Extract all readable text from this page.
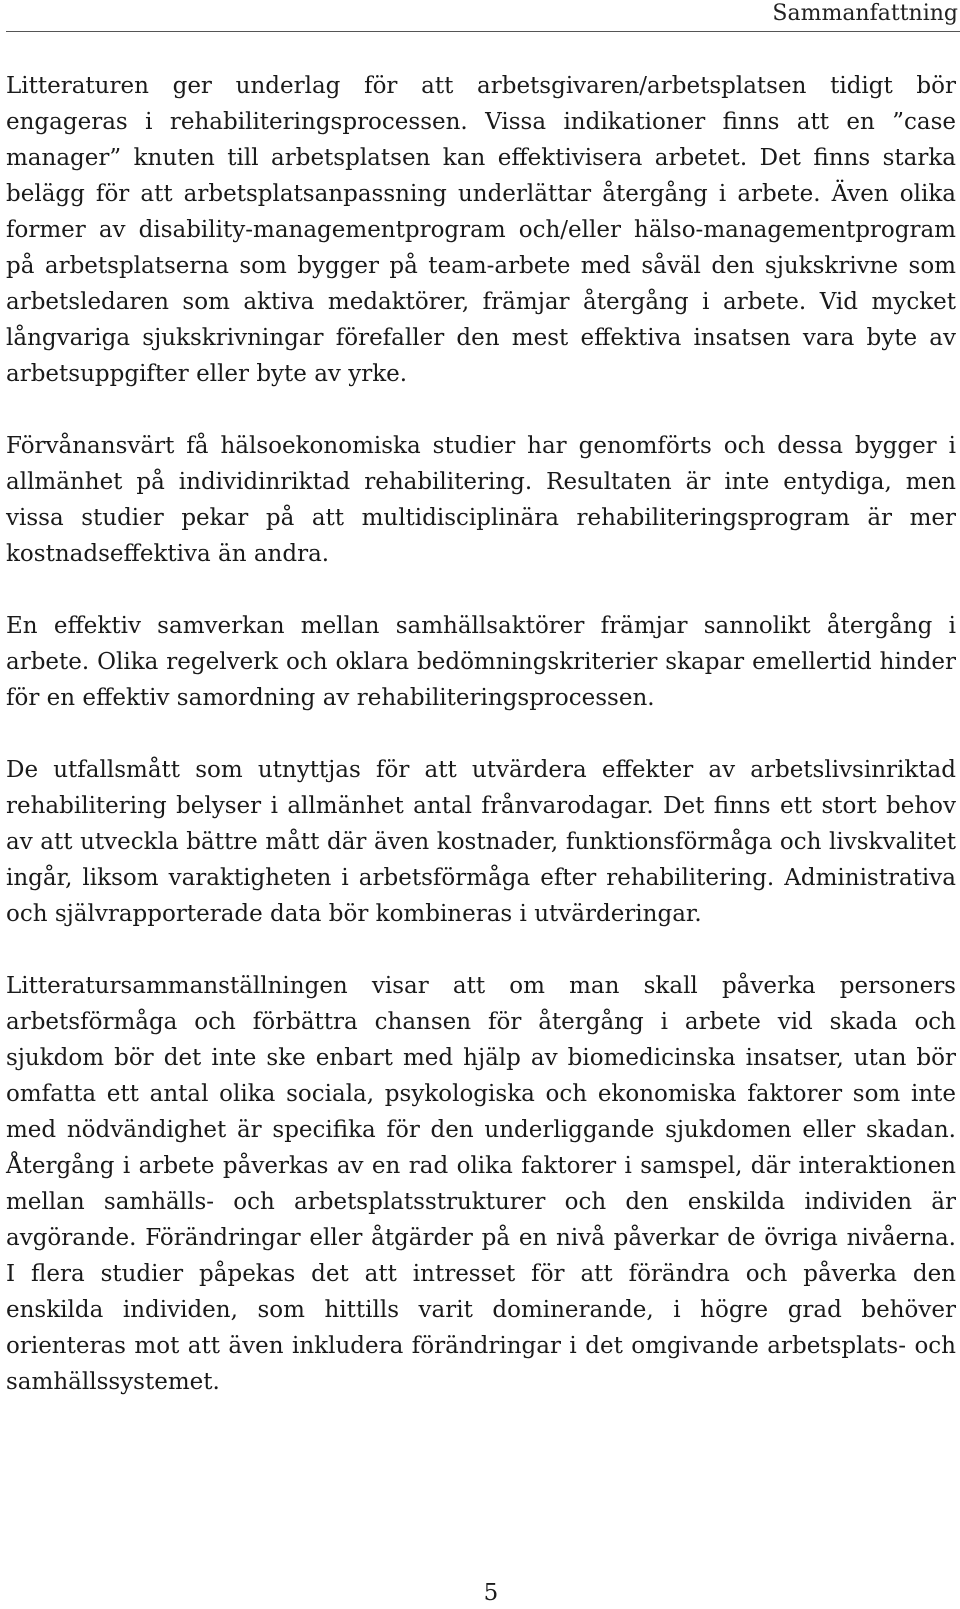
Sammanfattning

Litteraturen ger underlag för att arbetsgivaren/arbetsplatsen tidigt bör engageras i rehabiliteringsprocessen. Vissa indikationer finns att en ”case manager” knuten till arbetsplatsen kan effektivisera arbetet. Det finns starka belägg för att arbetsplatsanpassning underlättar återgång i arbete. Även olika former av disability-managementprogram och/eller hälso-managementprogram på arbetsplatserna som bygger på team-arbete med såväl den sjukskrivne som arbetsledaren som aktiva medaktörer, främjar återgång i arbete. Vid mycket långvariga sjukskrivningar förefaller den mest effektiva insatsen vara byte av arbetsuppgifter eller byte av yrke.

Förvånansvärt få hälsoekonomiska studier har genomförts och dessa bygger i allmänhet på individinriktad rehabilitering. Resultaten är inte entydiga, men vissa studier pekar på att multidisciplinära rehabiliteringsprogram är mer kostnadseffektiva än andra.

En effektiv samverkan mellan samhällsaktörer främjar sannolikt återgång i arbete. Olika regelverk och oklara bedömningskriterier skapar emellertid hinder för en effektiv samordning av rehabiliteringsprocessen.

De utfallsmått som utnyttjas för att utvärdera effekter av arbetslivsinriktad rehabilitering belyser i allmänhet antal frånvarodagar. Det finns ett stort behov av att utveckla bättre mått där även kostnader, funktionsförmåga och livskvalitet ingår, liksom varaktigheten i arbetsförmåga efter rehabilitering. Administrativa och självrapporterade data bör kombineras i utvärderingar.

Litteratursammanställningen visar att om man skall påverka personers arbetsförmåga och förbättra chansen för återgång i arbete vid skada och sjukdom bör det inte ske enbart med hjälp av biomedicinska insatser, utan bör omfatta ett antal olika sociala, psykologiska och ekonomiska faktorer som inte med nödvändighet är specifika för den underliggande sjukdomen eller skadan. Återgång i arbete påverkas av en rad olika faktorer i samspel, där interaktionen mellan samhälls- och arbetsplatsstrukturer och den enskilda individen är avgörande. Förändringar eller åtgärder på en nivå påverkar de övriga nivåerna. I flera studier påpekas det att intresset för att förändra och påverka den enskilda individen, som hittills varit dominerande, i högre grad behöver orienteras mot att även inkludera förändringar i det omgivande arbetsplats- och samhällssystemet.

5
